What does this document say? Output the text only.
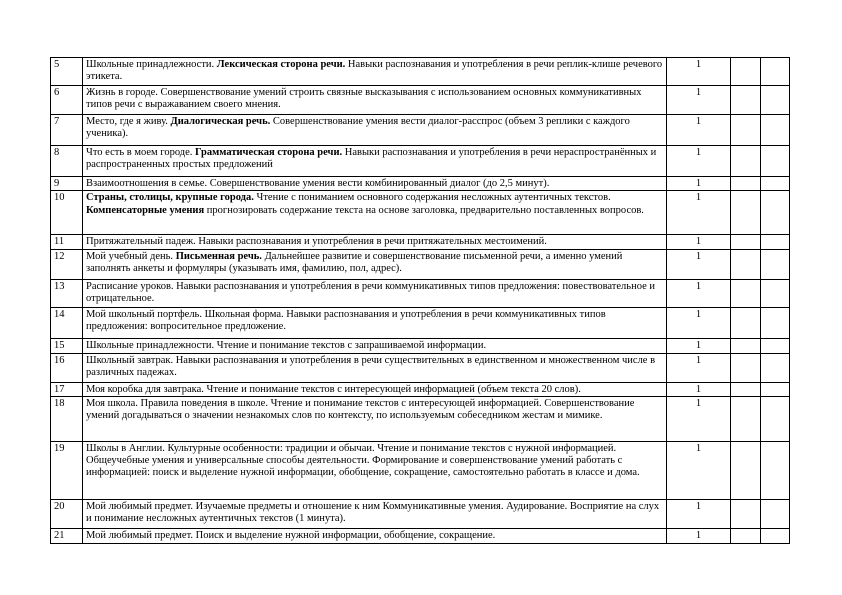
5	Школьные принадлежности. Лексическая сторона речи. Навыки распознавания и употребления в речи реплик-клише речевого этикета.	1		
6	Жизнь в городе. Совершенствование умений строить связные высказывания с использованием основных коммуникативных типов речи с выражаванием своего мнения.	1		
7	Место, где я живу. Диалогическая речь. Совершенствование умения вести диалог-расспрос (объем 3 реплики с каждого ученика).	1		
8	Что есть в моем городе. Грамматическая сторона речи. Навыки распознавания и употребления в речи нераспространённых и распространенных простых предложений	1		
9	Взаимоотношения в семье. Совершенствование умения вести комбинированный диалог (до 2,5 минут).	1		
10	Страны, столицы, крупные города. Чтение с пониманием основного содержания несложных аутентичных текстов. Компенсаторные умения прогнозировать содержание текста на основе заголовка, предварительно поставленных вопросов.	1		
11	Притяжательный падеж. Навыки распознавания и употребления в речи притяжательных местоимений.	1		
12	Мой учебный день. Письменная речь. Дальнейшее развитие и совершенствование письменной речи, а именно умений заполнять анкеты и формуляры (указывать имя, фамилию, пол, адрес).	1		
13	Расписание уроков. Навыки распознавания и употребления в речи коммуникативных типов предложения: повествовательное и отрицательное.	1		
14	Мой школьный портфель. Школьная форма. Навыки распознавания и употребления в речи коммуникативных типов предложения: вопросительное предложение.	1		
15	Школьные принадлежности. Чтение и понимание текстов с запрашиваемой информации.	1		
16	Школьный завтрак. Навыки распознавания и употребления в речи существительных в единственном и множественном числе в различных падежах.	1		
17	Моя коробка для завтрака. Чтение и понимание текстов с интересующей информацией (объем текста 20 слов).	1		
18	Моя школа. Правила поведения в школе. Чтение и понимание текстов с интересующей информацией. Совершенствование умений догадываться о значении незнакомых слов по контексту, по используемым собеседником жестам и мимике.	1		
19	Школы в Англии. Культурные особенности: традиции и обычаи. Чтение и понимание текстов с нужной информацией. Общеучебные умения и универсальные способы деятельности. Формирование и совершенствование умений работать с информацией: поиск и выделение нужной информации, обобщение, сокращение, самостоятельно работать в классе и дома.	1		
20	Мой любимый предмет. Изучаемые предметы и отношение к ним Коммуникативные умения. Аудирование. Восприятие на слух и понимание несложных аутентичных текстов (1 минута).	1		
21	Мой любимый предмет. Поиск и выделение нужной информации, обобщение, сокращение.	1		
